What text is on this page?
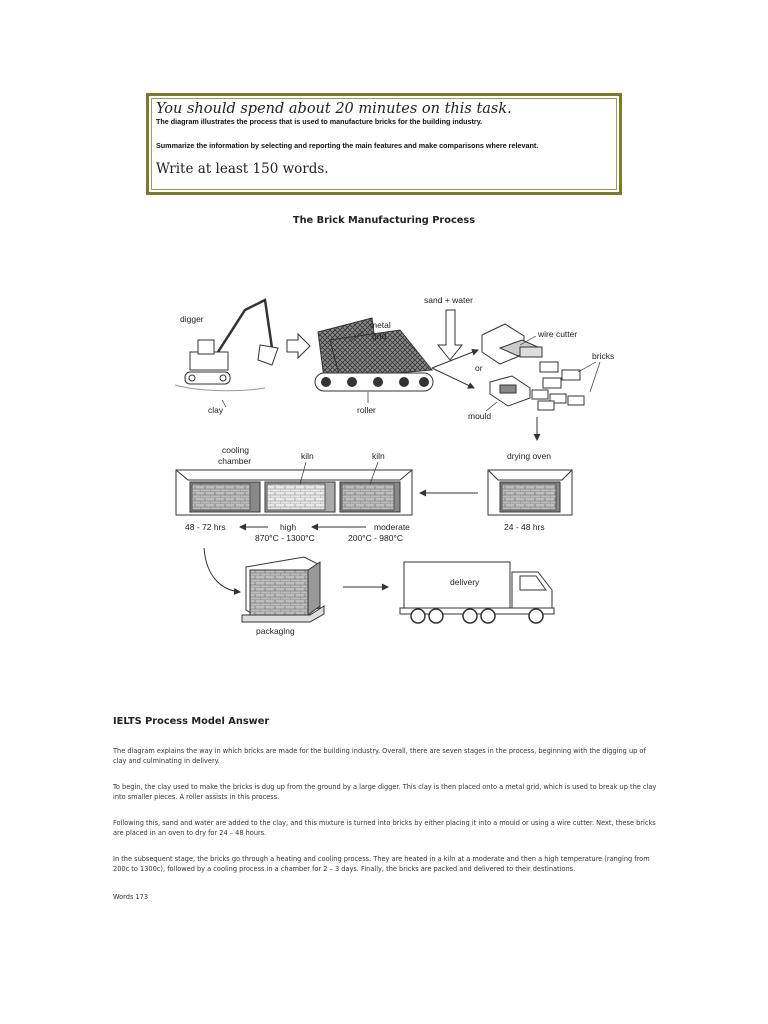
You should spend about 20 minutes on this task.
The diagram illustrates the process that is used to manufacture bricks for the building industry.
Summarize the information by selecting and reporting the main features and make comparisons where relevant.
Write at least 150 words.
The Brick Manufacturing Process
digger
clay
metal
grid
roller
sand + water
or
wire cutter
bricks
mould
cooling
chamber	kiln	kiln	drying oven
48 - 72 hrs	high
870°C - 1300°C
moderate
200°C - 980°C
24 - 48 hrs
packaging
delivery
IELTS Process Model Answer
The diagram explains the way in which bricks are made for the building industry. Overall, there are seven stages in the process, beginning with the digging up of clay and culminating in delivery.
To begin, the clay used to make the bricks is dug up from the ground by a large digger. This clay is then placed onto a metal grid, which is used to break up the clay into smaller pieces. A roller assists in this process.
Following this, sand and water are added to the clay, and this mixture is turned into bricks by either placing it into a mould or using a wire cutter. Next, these bricks are placed in an oven to dry for 24 – 48 hours.
In the subsequent stage, the bricks go through a heating and cooling process. They are heated in a kiln at a moderate and then a high temperature (ranging from 200c to 1300c), followed by a cooling process in a chamber for 2 – 3 days. Finally, the bricks are packed and delivered to their destinations.
Words 173
